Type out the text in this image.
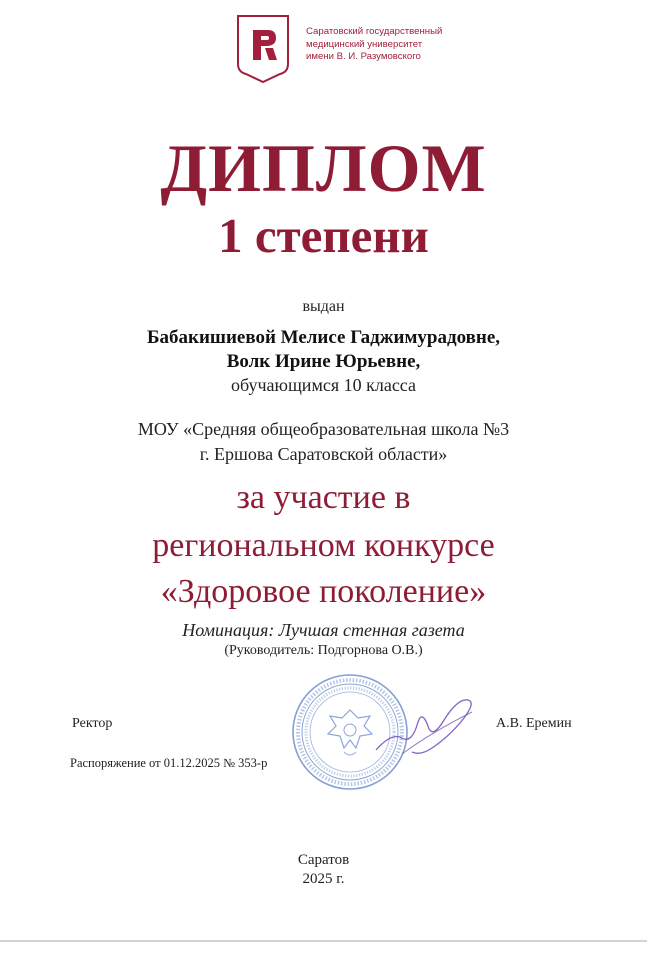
Саратовский государственный
медицинский университет
имени В. И. Разумовского
ДИПЛОМ
1 степени
выдан
Бабакишиевой Мелисе Гаджимурадовне,
Волк Ирине Юрьевне,
обучающимся 10 класса
МОУ «Средняя общеобразовательная школа №3
г. Ершова Саратовской области»
за участие в
региональном конкурсе
«Здоровое поколение»
Номинация: Лучшая стенная газета
(Руководитель: Подгорнова О.В.)
Ректор	А.В. Еремин
Распоряжение от 01.12.2025 № 353-р
Саратов
2025 г.
